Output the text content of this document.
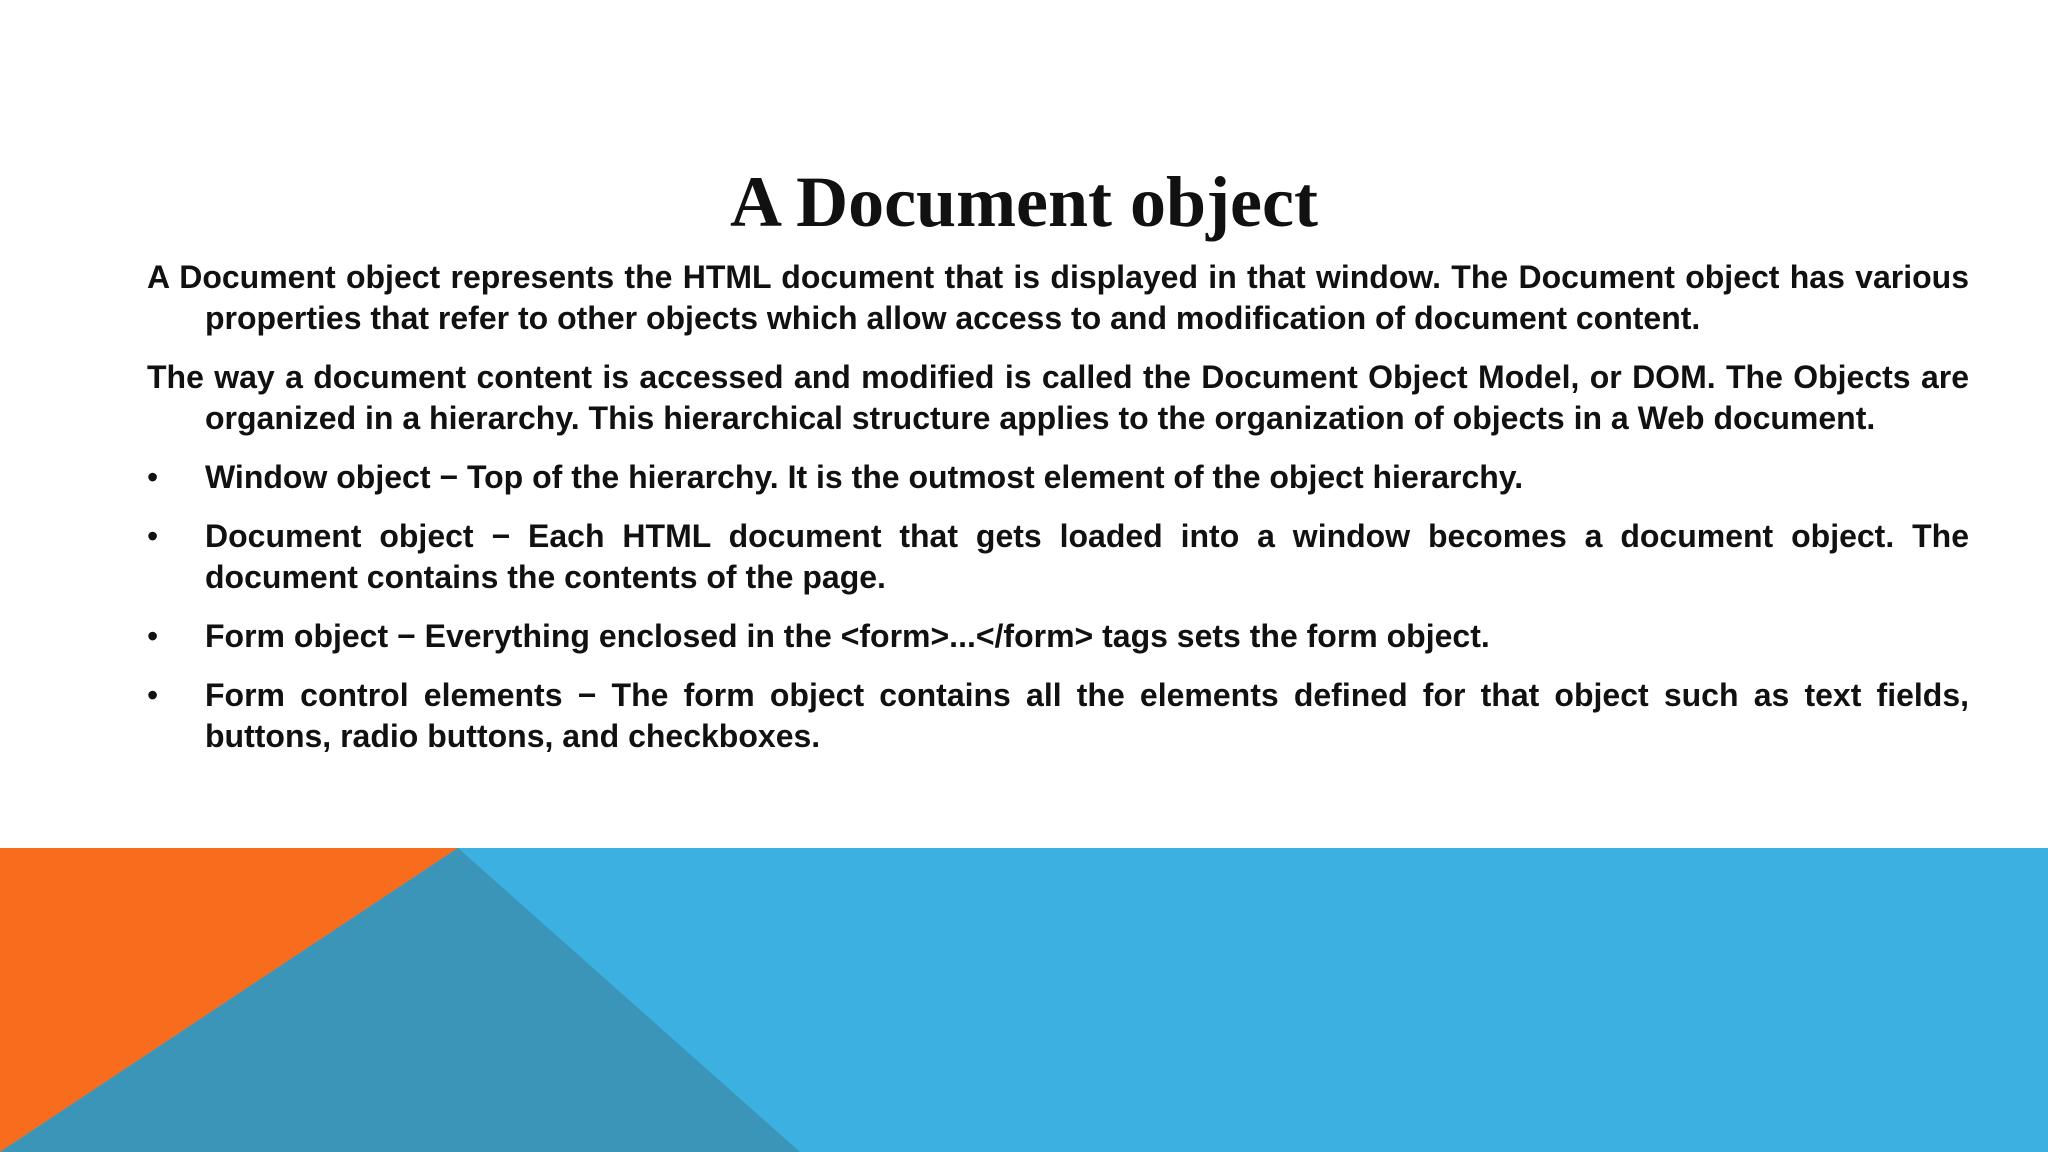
A Document object

A Document object represents the HTML document that is displayed in that window. The Document object has various properties that refer to other objects which allow access to and modification of document content.

The way a document content is accessed and modified is called the Document Object Model, or DOM. The Objects are organized in a hierarchy. This hierarchical structure applies to the organization of objects in a Web document.

• Window object − Top of the hierarchy. It is the outmost element of the object hierarchy.
• Document object − Each HTML document that gets loaded into a window becomes a document object. The document contains the contents of the page.
• Form object − Everything enclosed in the <form>...</form> tags sets the form object.
• Form control elements − The form object contains all the elements defined for that object such as text fields, buttons, radio buttons, and checkboxes.
